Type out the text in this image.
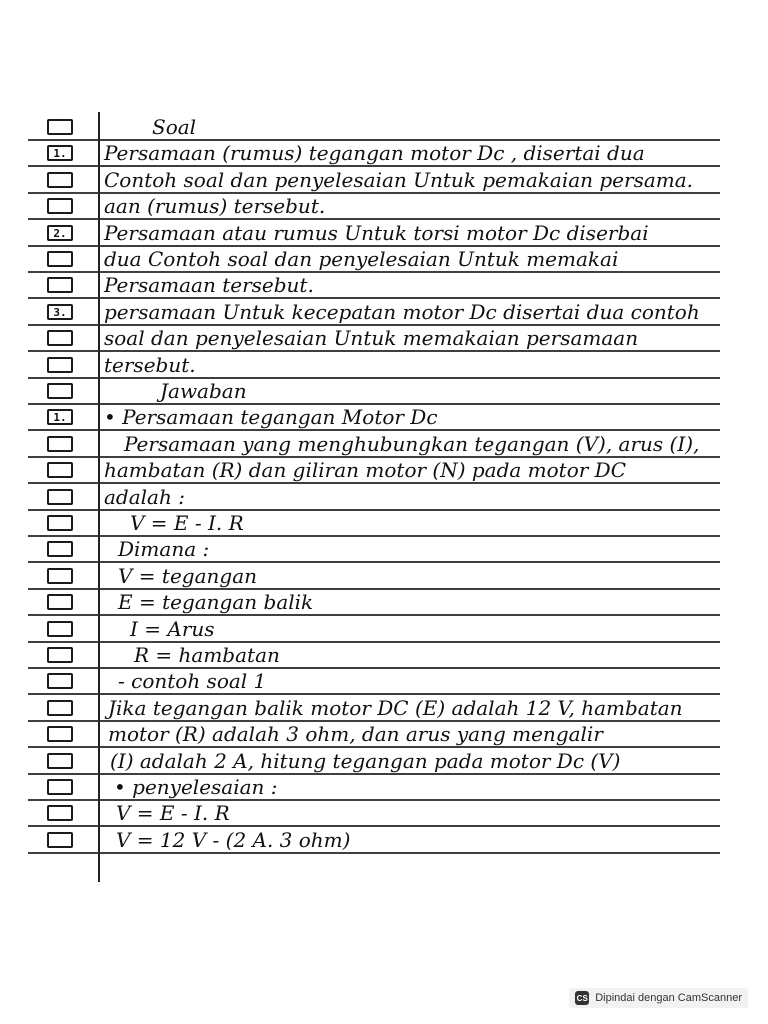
Soal
1.	Persamaan (rumus) tegangan motor Dc , disertai dua
Contoh soal dan penyelesaian Untuk pemakaian persama.
aan (rumus) tersebut.
2.	Persamaan atau rumus Untuk torsi motor Dc diserbai
dua Contoh soal dan penyelesaian Untuk memakai
Persamaan tersebut.
3.	persamaan Untuk kecepatan motor Dc disertai dua contoh
soal dan penyelesaian Untuk memakaian persamaan
tersebut.
Jawaban
1.	• Persamaan tegangan Motor Dc
Persamaan yang menghubungkan tegangan (V), arus (I),
hambatan (R) dan giliran motor (N) pada motor DC
adalah :
V = E - I. R
Dimana :
V = tegangan
E = tegangan balik
I = Arus
R = hambatan
- contoh soal 1
Jika tegangan balik motor DC (E) adalah 12 V, hambatan
motor (R) adalah 3 ohm, dan arus yang mengalir
(I) adalah 2 A, hitung tegangan pada motor Dc (V)
• penyelesaian :
V = E - I. R
V = 12 V - (2 A. 3 ohm)
CS Dipindai dengan CamScanner
